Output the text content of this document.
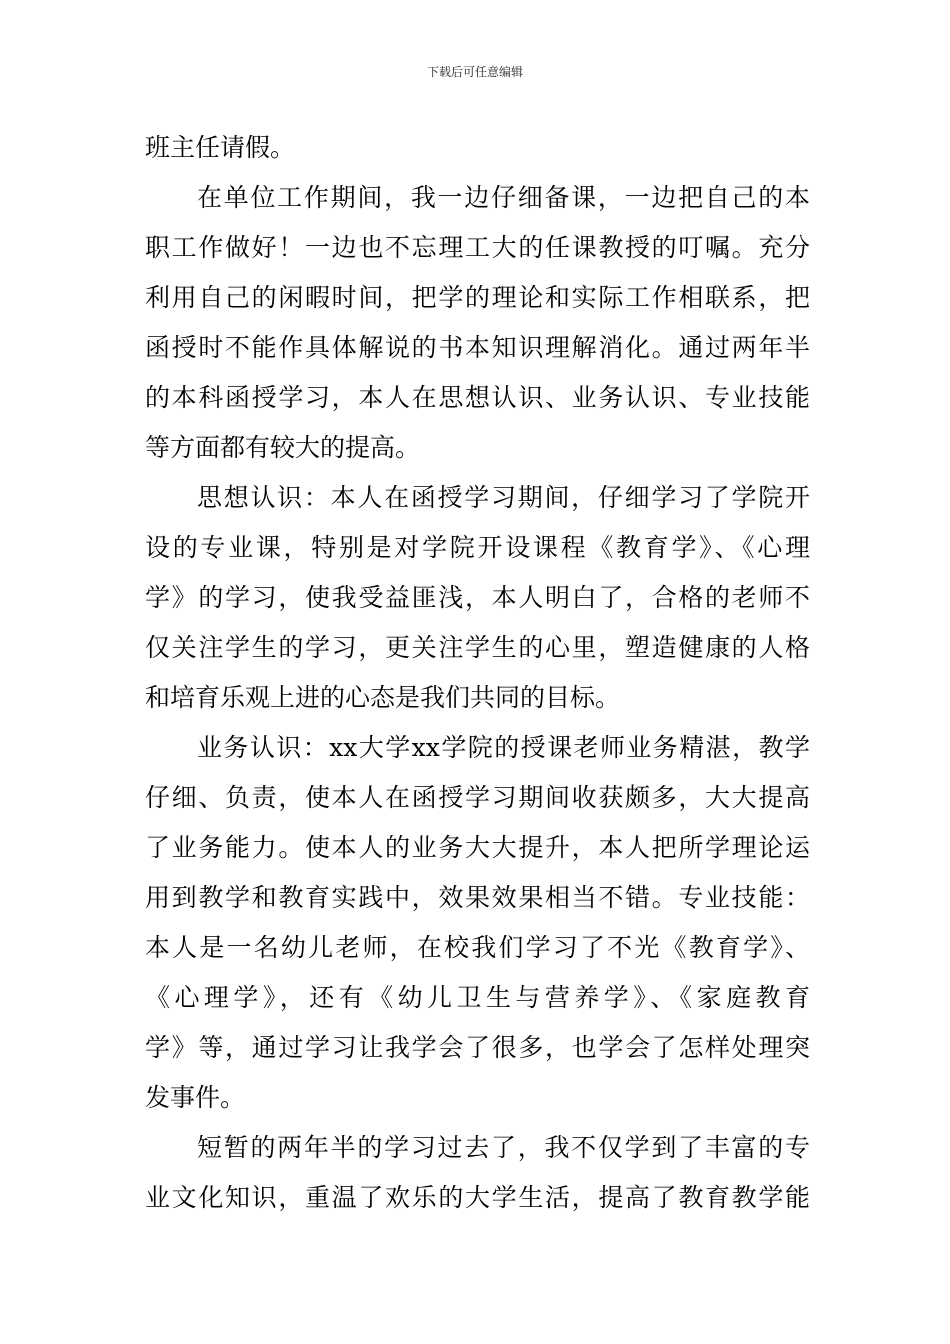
下载后可任意编辑
班主任请假。
在单位工作期间，我一边仔细备课，一边把自己的本
职工作做好！一边也不忘理工大的任课教授的叮嘱。充分
利用自己的闲暇时间，把学的理论和实际工作相联系，把
函授时不能作具体解说的书本知识理解消化。通过两年半
的本科函授学习，本人在思想认识、业务认识、专业技能
等方面都有较大的提高。
思想认识：本人在函授学习期间，仔细学习了学院开
设的专业课，特别是对学院开设课程《教育学》、《心理
学》的学习，使我受益匪浅，本人明白了，合格的老师不
仅关注学生的学习，更关注学生的心里，塑造健康的人格
和培育乐观上进的心态是我们共同的目标。
业务认识：xx大学xx学院的授课老师业务精湛，教学
仔细、负责，使本人在函授学习期间收获颇多，大大提高
了业务能力。使本人的业务大大提升，本人把所学理论运
用到教学和教育实践中，效果效果相当不错。专业技能：
本人是一名幼儿老师，在校我们学习了不光《教育学》、
《心理学》，还有《幼儿卫生与营养学》、《家庭教育
学》等，通过学习让我学会了很多，也学会了怎样处理突
发事件。
短暂的两年半的学习过去了，我不仅学到了丰富的专
业文化知识，重温了欢乐的大学生活，提高了教育教学能
